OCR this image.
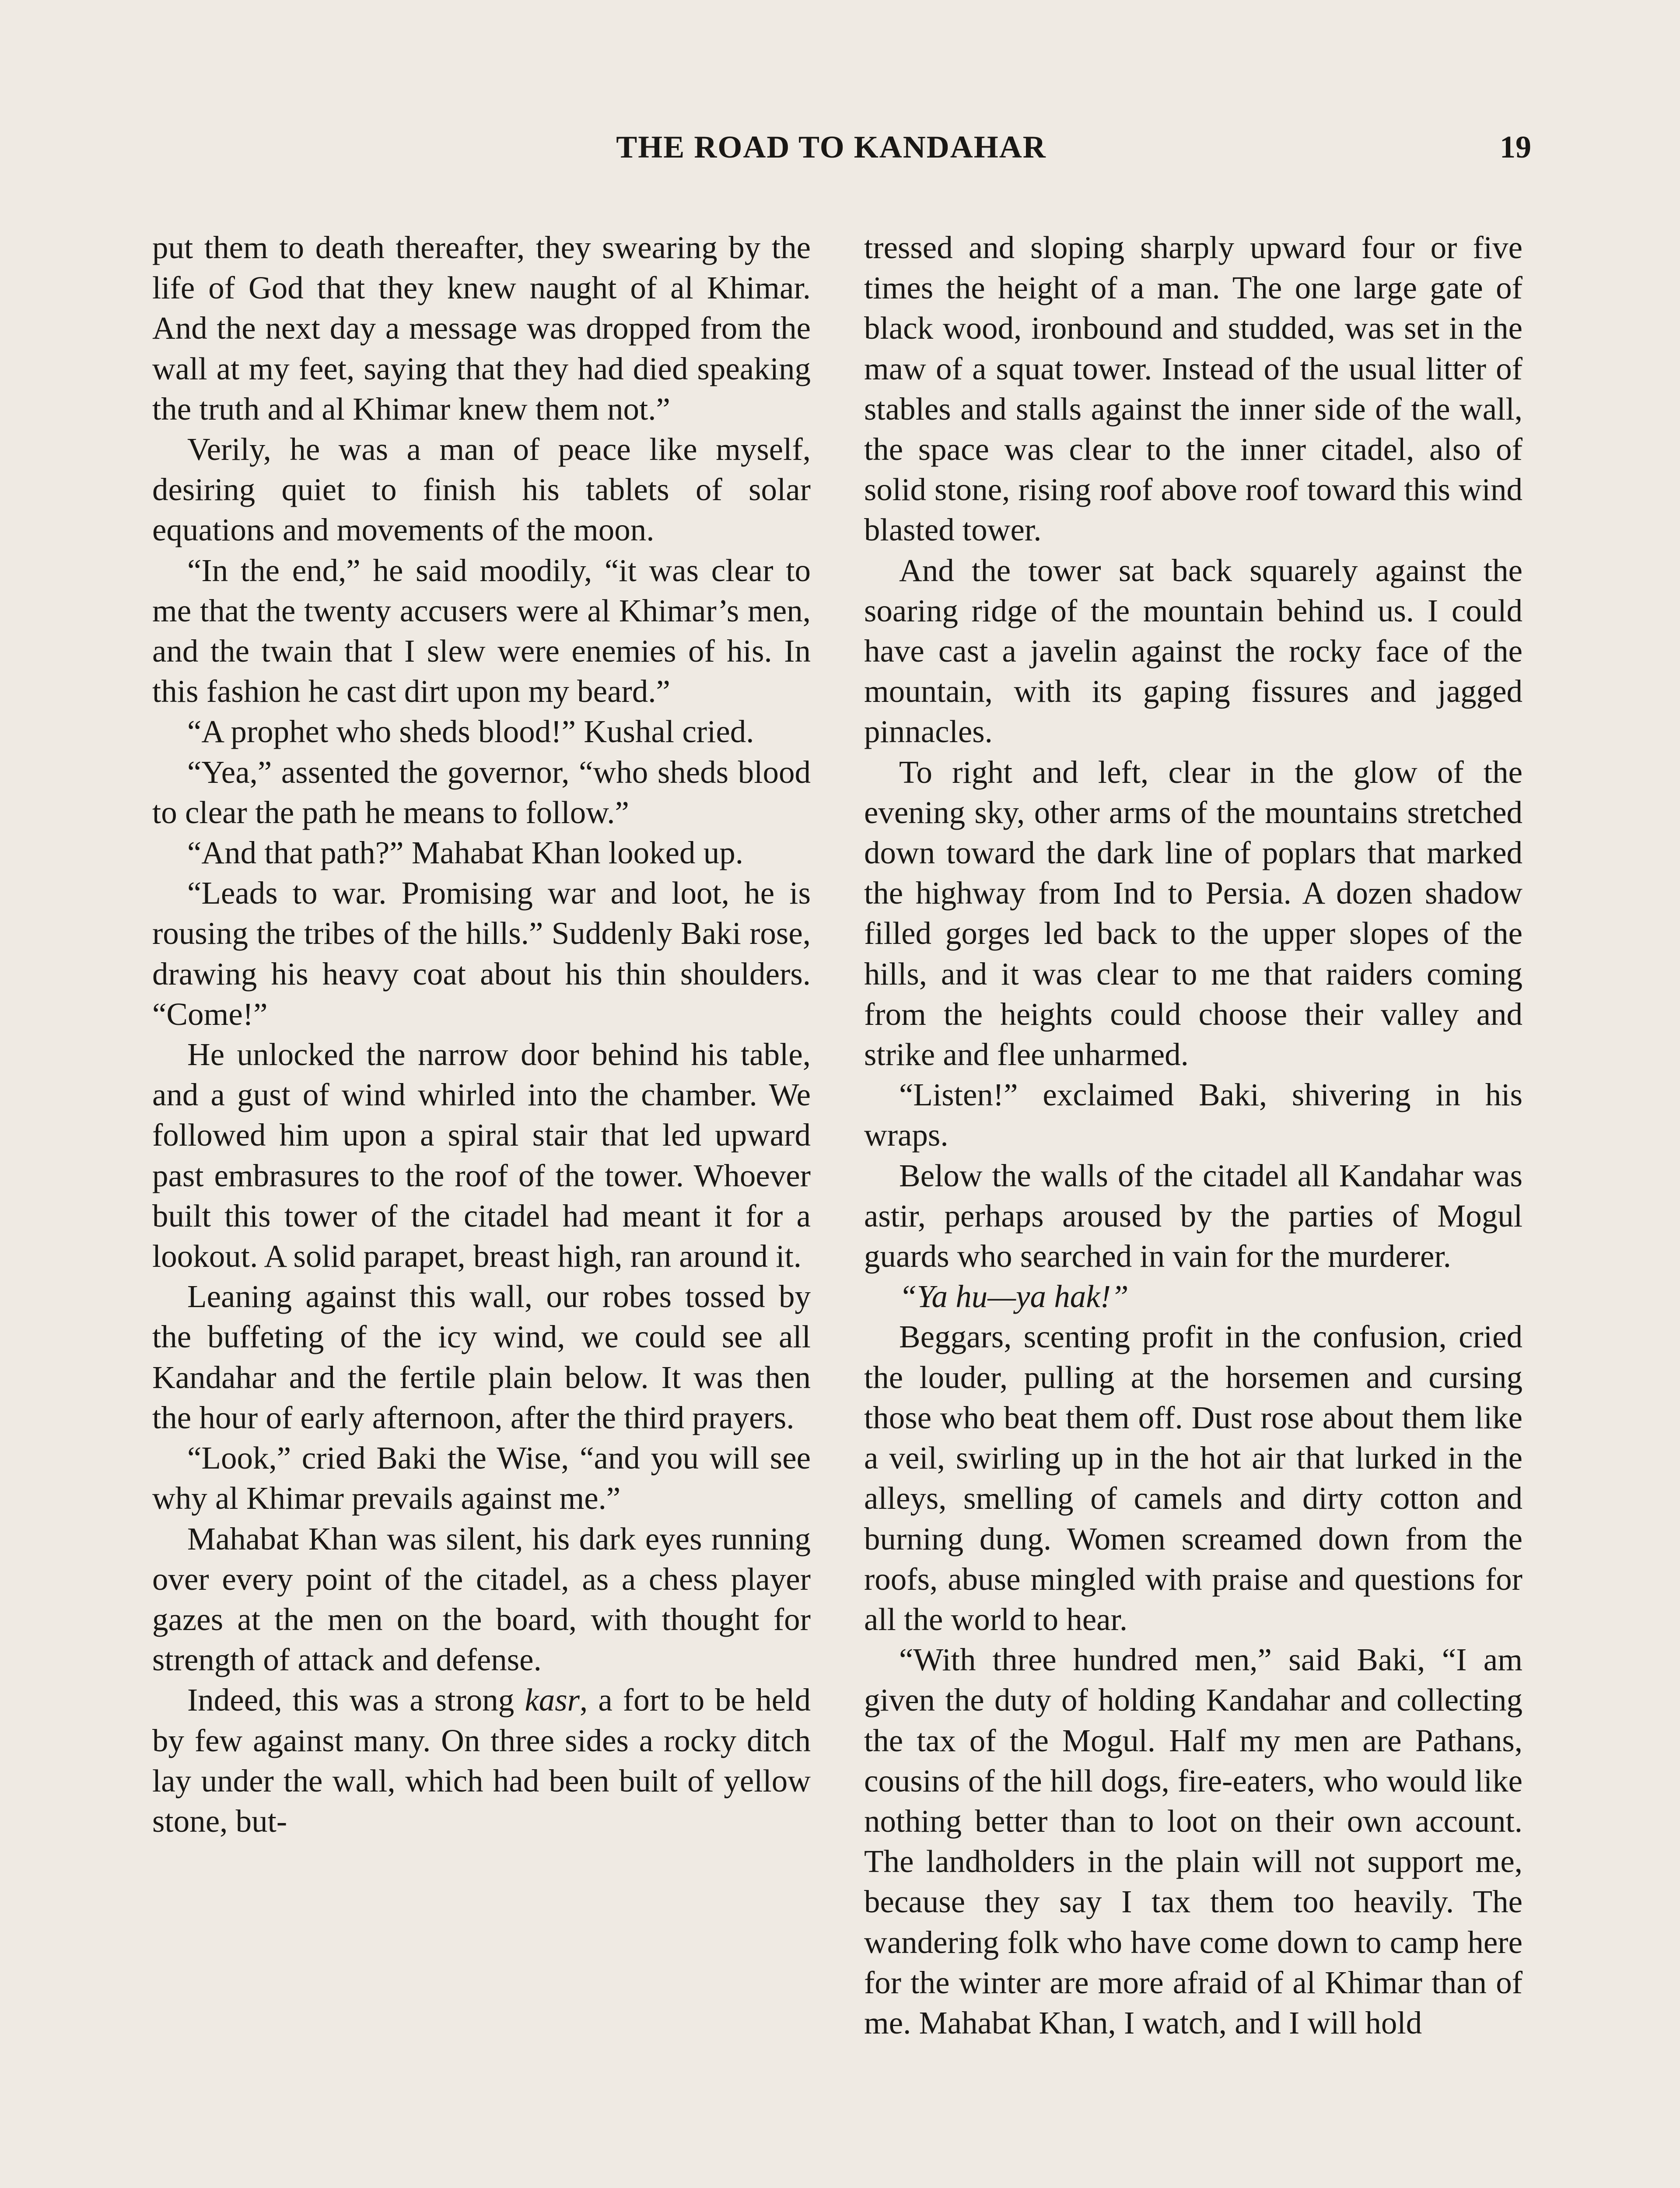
THE ROAD TO KANDAHAR	19

put them to death thereafter, they swearing by the life of God that they knew naught of al Khimar. And the next day a message was dropped from the wall at my feet, saying that they had died speaking the truth and al Khimar knew them not.”

Verily, he was a man of peace like myself, desiring quiet to finish his tablets of solar equations and movements of the moon.

“In the end,” he said moodily, “it was clear to me that the twenty accusers were al Khimar’s men, and the twain that I slew were enemies of his. In this fashion he cast dirt upon my beard.”

“A prophet who sheds blood!” Kushal cried.

“Yea,” assented the governor, “who sheds blood to clear the path he means to follow.”

“And that path?” Mahabat Khan looked up.

“Leads to war. Promising war and loot, he is rousing the tribes of the hills.” Suddenly Baki rose, drawing his heavy coat about his thin shoulders. “Come!”

He unlocked the narrow door behind his table, and a gust of wind whirled into the chamber. We followed him upon a spiral stair that led upward past embrasures to the roof of the tower. Whoever built this tower of the citadel had meant it for a lookout. A solid parapet, breast high, ran around it.

Leaning against this wall, our robes tossed by the buffeting of the icy wind, we could see all Kandahar and the fertile plain below. It was then the hour of early afternoon, after the third prayers.

“Look,” cried Baki the Wise, “and you will see why al Khimar prevails against me.”

Mahabat Khan was silent, his dark eyes running over every point of the citadel, as a chess player gazes at the men on the board, with thought for strength of attack and defense.

Indeed, this was a strong kasr, a fort to be held by few against many. On three sides a rocky ditch lay under the wall, which had been built of yellow stone, but-

tressed and sloping sharply upward four or five times the height of a man. The one large gate of black wood, ironbound and studded, was set in the maw of a squat tower. Instead of the usual litter of stables and stalls against the inner side of the wall, the space was clear to the inner citadel, also of solid stone, rising roof above roof toward this wind blasted tower.

And the tower sat back squarely against the soaring ridge of the mountain behind us. I could have cast a javelin against the rocky face of the mountain, with its gaping fissures and jagged pinnacles.

To right and left, clear in the glow of the evening sky, other arms of the mountains stretched down toward the dark line of poplars that marked the highway from Ind to Persia. A dozen shadow filled gorges led back to the upper slopes of the hills, and it was clear to me that raiders coming from the heights could choose their valley and strike and flee unharmed.

“Listen!” exclaimed Baki, shivering in his wraps.

Below the walls of the citadel all Kandahar was astir, perhaps aroused by the parties of Mogul guards who searched in vain for the murderer.

“Ya hu—ya hak!”

Beggars, scenting profit in the confusion, cried the louder, pulling at the horsemen and cursing those who beat them off. Dust rose about them like a veil, swirling up in the hot air that lurked in the alleys, smelling of camels and dirty cotton and burning dung. Women screamed down from the roofs, abuse mingled with praise and questions for all the world to hear.

“With three hundred men,” said Baki, “I am given the duty of holding Kandahar and collecting the tax of the Mogul. Half my men are Pathans, cousins of the hill dogs, fire-eaters, who would like nothing better than to loot on their own account. The landholders in the plain will not support me, because they say I tax them too heavily. The wandering folk who have come down to camp here for the winter are more afraid of al Khimar than of me. Mahabat Khan, I watch, and I will hold
